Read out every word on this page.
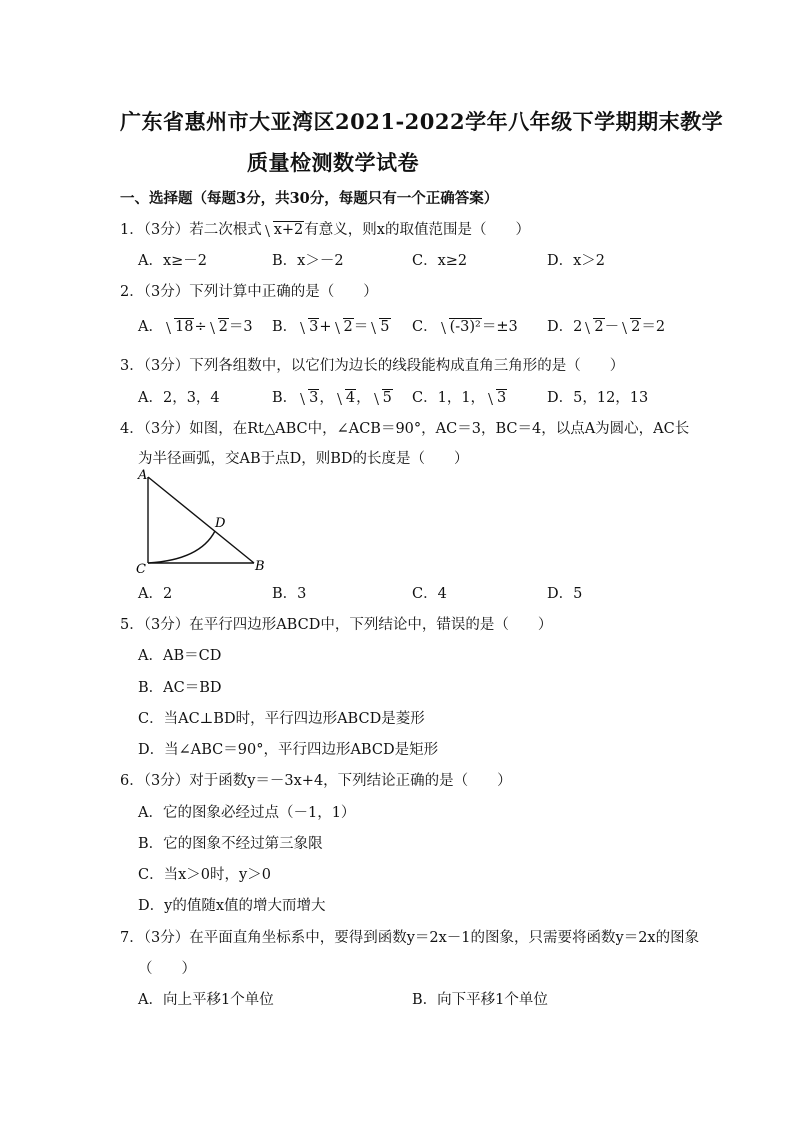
广东省惠州市大亚湾区2021-2022学年八年级下学期期末教学
质量检测数学试卷
一、选择题（每题3分，共30分，每题只有一个正确答案）
1．（3分）若二次根式 x+2有意义，则x的取值范围是（　　）
A．x≥－2	B．x＞－2	C．x≥2	D．x＞2
2．（3分）下列计算中正确的是（　　）
A． 18÷ 2＝3 B． 3+ 2＝ 5 C． (-3)²＝±3 D．2 2－ 2＝2
3．（3分）下列各组数中，以它们为边长的线段能构成直角三角形的是（　　）
A．2，3，4	B． 3， 4， 5 C．1，1， 3	D．5，12，13
4．（3分）如图，在Rt△ABC中，∠ACB＝90°，AC＝3，BC＝4，以点A为圆心，AC长
为半径画弧，交AB于点D，则BD的长度是（　　）
A
C	B
D
A．2	B．3	C．4	D．5
5．（3分）在平行四边形ABCD中，下列结论中，错误的是（　　）
A．AB＝CD
B．AC＝BD
C．当AC⊥BD时，平行四边形ABCD是菱形
D．当∠ABC＝90°，平行四边形ABCD是矩形
6．（3分）对于函数y＝－3x+4，下列结论正确的是（　　）
A．它的图象必经过点（－1，1）
B．它的图象不经过第三象限
C．当x＞0时，y＞0
D．y的值随x值的增大而增大
7．（3分）在平面直角坐标系中，要得到函数y＝2x－1的图象，只需要将函数y＝2x的图象
（　　）
A．向上平移1个单位	B．向下平移1个单位
